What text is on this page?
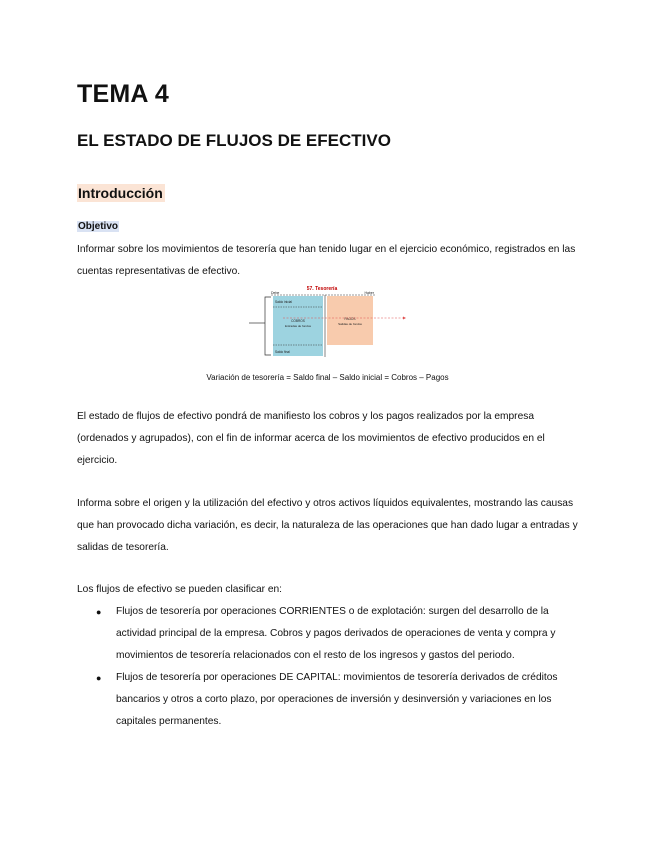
TEMA 4
EL ESTADO DE FLUJOS DE EFECTIVO
Introducción
Objetivo

Informar sobre los movimientos de tesorería que han tenido lugar en el ejercicio económico, registrados en las cuentas representativas de efectivo.

57. Tesorería
Debe	Haber
Saldo inicial
COBROS
Entradas de fondos
Saldo final
PAGOS
Salidas de fondos

Variación de tesorería = Saldo final – Saldo inicial = Cobros – Pagos

El estado de flujos de efectivo pondrá de manifiesto los cobros y los pagos realizados por la empresa (ordenados y agrupados), con el fin de informar acerca de los movimientos de efectivo producidos en el ejercicio.

Informa sobre el origen y la utilización del efectivo y otros activos líquidos equivalentes, mostrando las causas que han provocado dicha variación, es decir, la naturaleza de las operaciones que han dado lugar a entradas y salidas de tesorería.

Los flujos de efectivo se pueden clasificar en:

● Flujos de tesorería por operaciones CORRIENTES o de explotación: surgen del desarrollo de la actividad principal de la empresa. Cobros y pagos derivados de operaciones de venta y compra y movimientos de tesorería relacionados con el resto de los ingresos y gastos del periodo.
● Flujos de tesorería por operaciones DE CAPITAL: movimientos de tesorería derivados de créditos bancarios y otros a corto plazo, por operaciones de inversión y desinversión y variaciones en los capitales permanentes.
